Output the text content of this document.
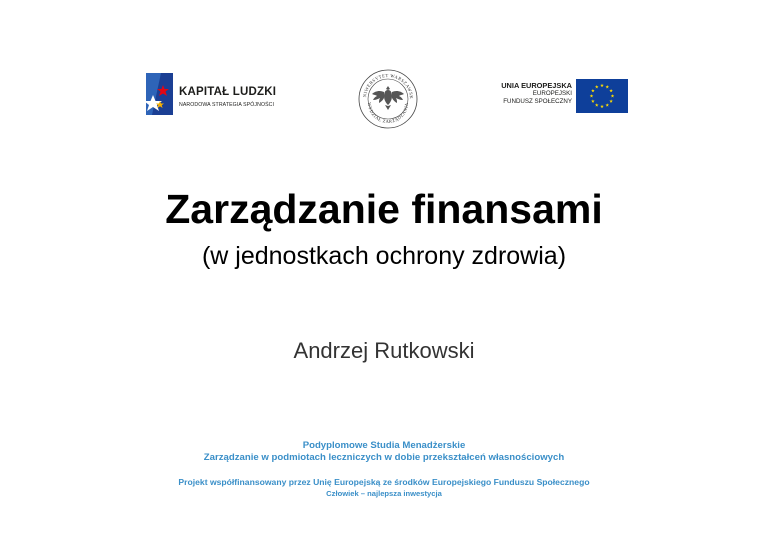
KAPITAŁ LUDZKI
NARODOWA STRATEGIA SPÓJNOŚCI
NIWERSYTET WARSZAWSK
WYDZIAŁ ZARZĄDZANIA
UNIA EUROPEJSKA
EUROPEJSKI
FUNDUSZ SPOŁECZNY
Zarządzanie finansami
(w jednostkach ochrony zdrowia)
Andrzej Rutkowski
Podyplomowe Studia Menadżerskie
Zarządzanie w podmiotach leczniczych w dobie przekształceń własnościowych
Projekt współfinansowany przez Unię Europejską ze środków Europejskiego Funduszu Społecznego
Człowiek – najlepsza inwestycja
